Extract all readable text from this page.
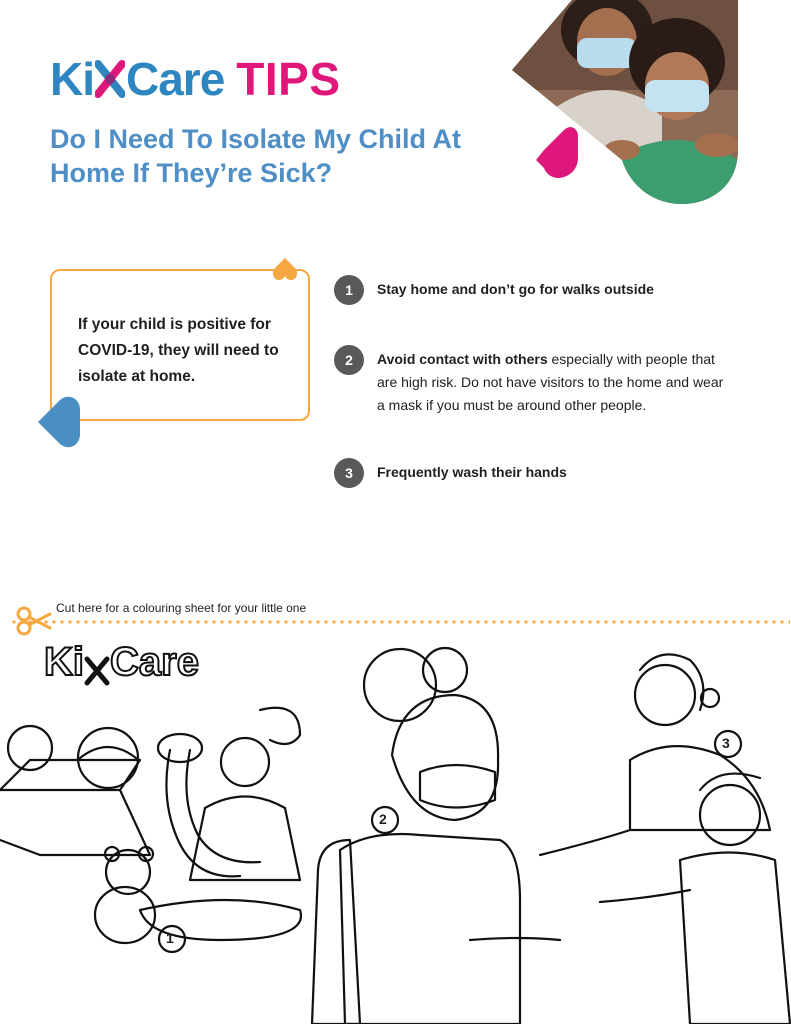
Ki Care TIPS
Do I Need To Isolate My Child At Home If They’re Sick?
If your child is positive for COVID-19, they will need to isolate at home.
1	Stay home and don’t go for walks outside
2	Avoid contact with others especially with people that are high risk. Do not have visitors to the home and wear a mask if you must be around other people.
3	Frequently wash their hands
Cut here for a colouring sheet for your little one
1
2
3
Ki Care
